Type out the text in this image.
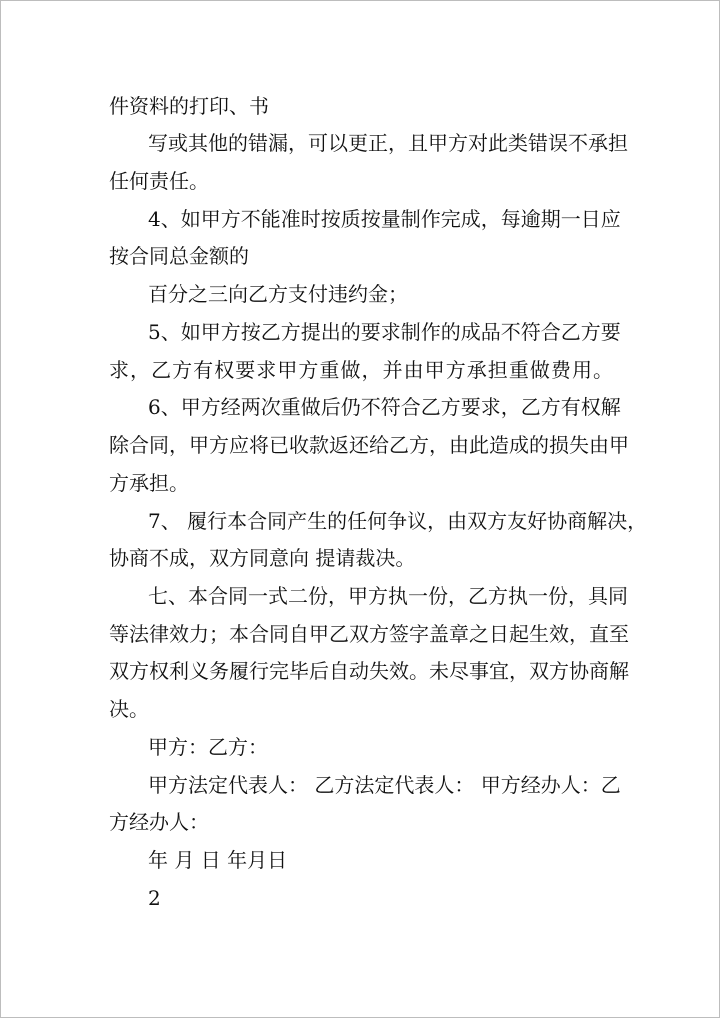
件资料的打印、书
写或其他的错漏，可以更正，且甲方对此类错误不承担
任何责任。
4、如甲方不能准时按质按量制作完成，每逾期一日应
按合同总金额的
百分之三向乙方支付违约金；
5、如甲方按乙方提出的要求制作的成品不符合乙方要
求，乙方有权要求甲方重做，并由甲方承担重做费用。
6、甲方经两次重做后仍不符合乙方要求，乙方有权解
除合同，甲方应将已收款返还给乙方，由此造成的损失由甲
方承担。
7、 履行本合同产生的任何争议，由双方友好协商解决，
协商不成，双方同意向 提请裁决。
七、本合同一式二份，甲方执一份，乙方执一份，具同
等法律效力；本合同自甲乙双方签字盖章之日起生效，直至
双方权利义务履行完毕后自动失效。未尽事宜，双方协商解
决。
甲方：乙方：
甲方法定代表人： 乙方法定代表人： 甲方经办人：乙
方经办人：
年 月 日 年月日
2
